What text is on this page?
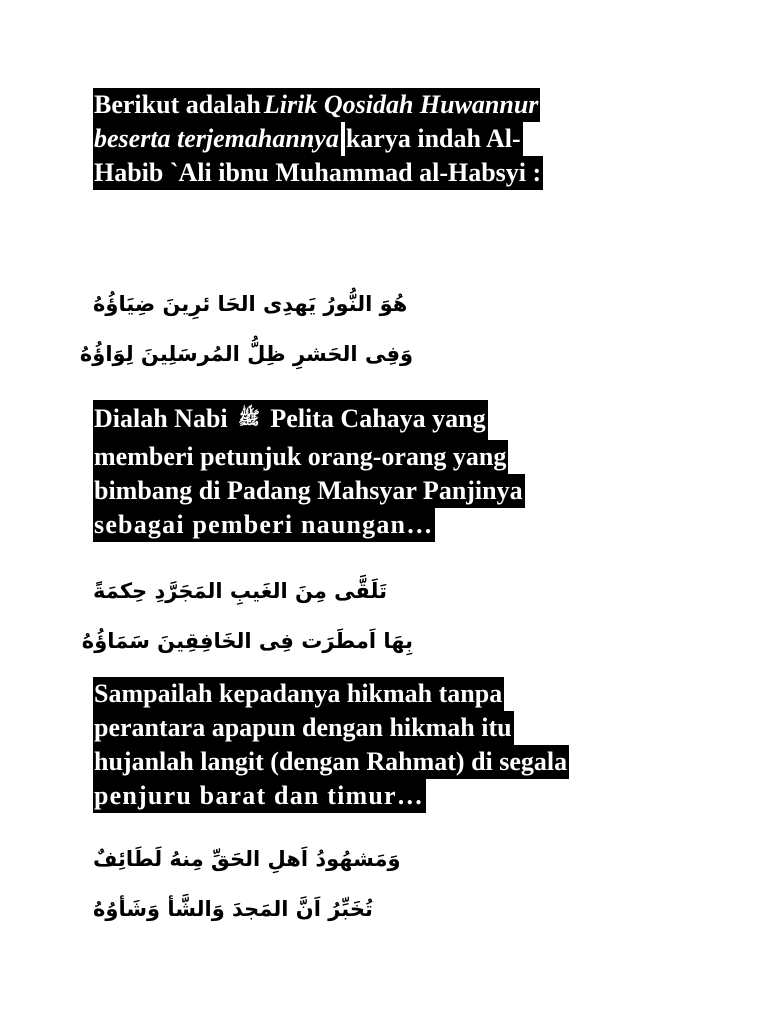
Berikut adalah Lirik Qosidah Huwannur
beserta terjemahannya karya indah Al-
Habib `Ali ibnu Muhammad al-Habsyi :
هُوَ النُّورُ يَهدِى الحَا ئرِينَ ضِيَاؤُهُ
وَفِى الحَشرِ ظِلُّ المُرسَلِينَ لِوَاؤُهُ
Dialah Nabi ﷺ Pelita Cahaya yang
memberi petunjuk orang-orang yang
bimbang di Padang Mahsyar Panjinya
sebagai pemberi naungan…
تَلَقَّى مِنَ الغَيبِ المَجَرَّدِ حِكمَةً
بِهَا اَمطَرَت فِى الخَافِقِينَ سَمَاؤُهُ
Sampailah kepadanya hikmah tanpa
perantara apapun dengan hikmah itu
hujanlah langit (dengan Rahmat) di segala
penjuru barat dan timur…
وَمَشهُودُ اَهلِ الحَقِّ مِنهُ لَطَائِفٌ
تُخَبِّرُ اَنَّ المَجدَ وَالشَّأ وَشَأوُهُ
